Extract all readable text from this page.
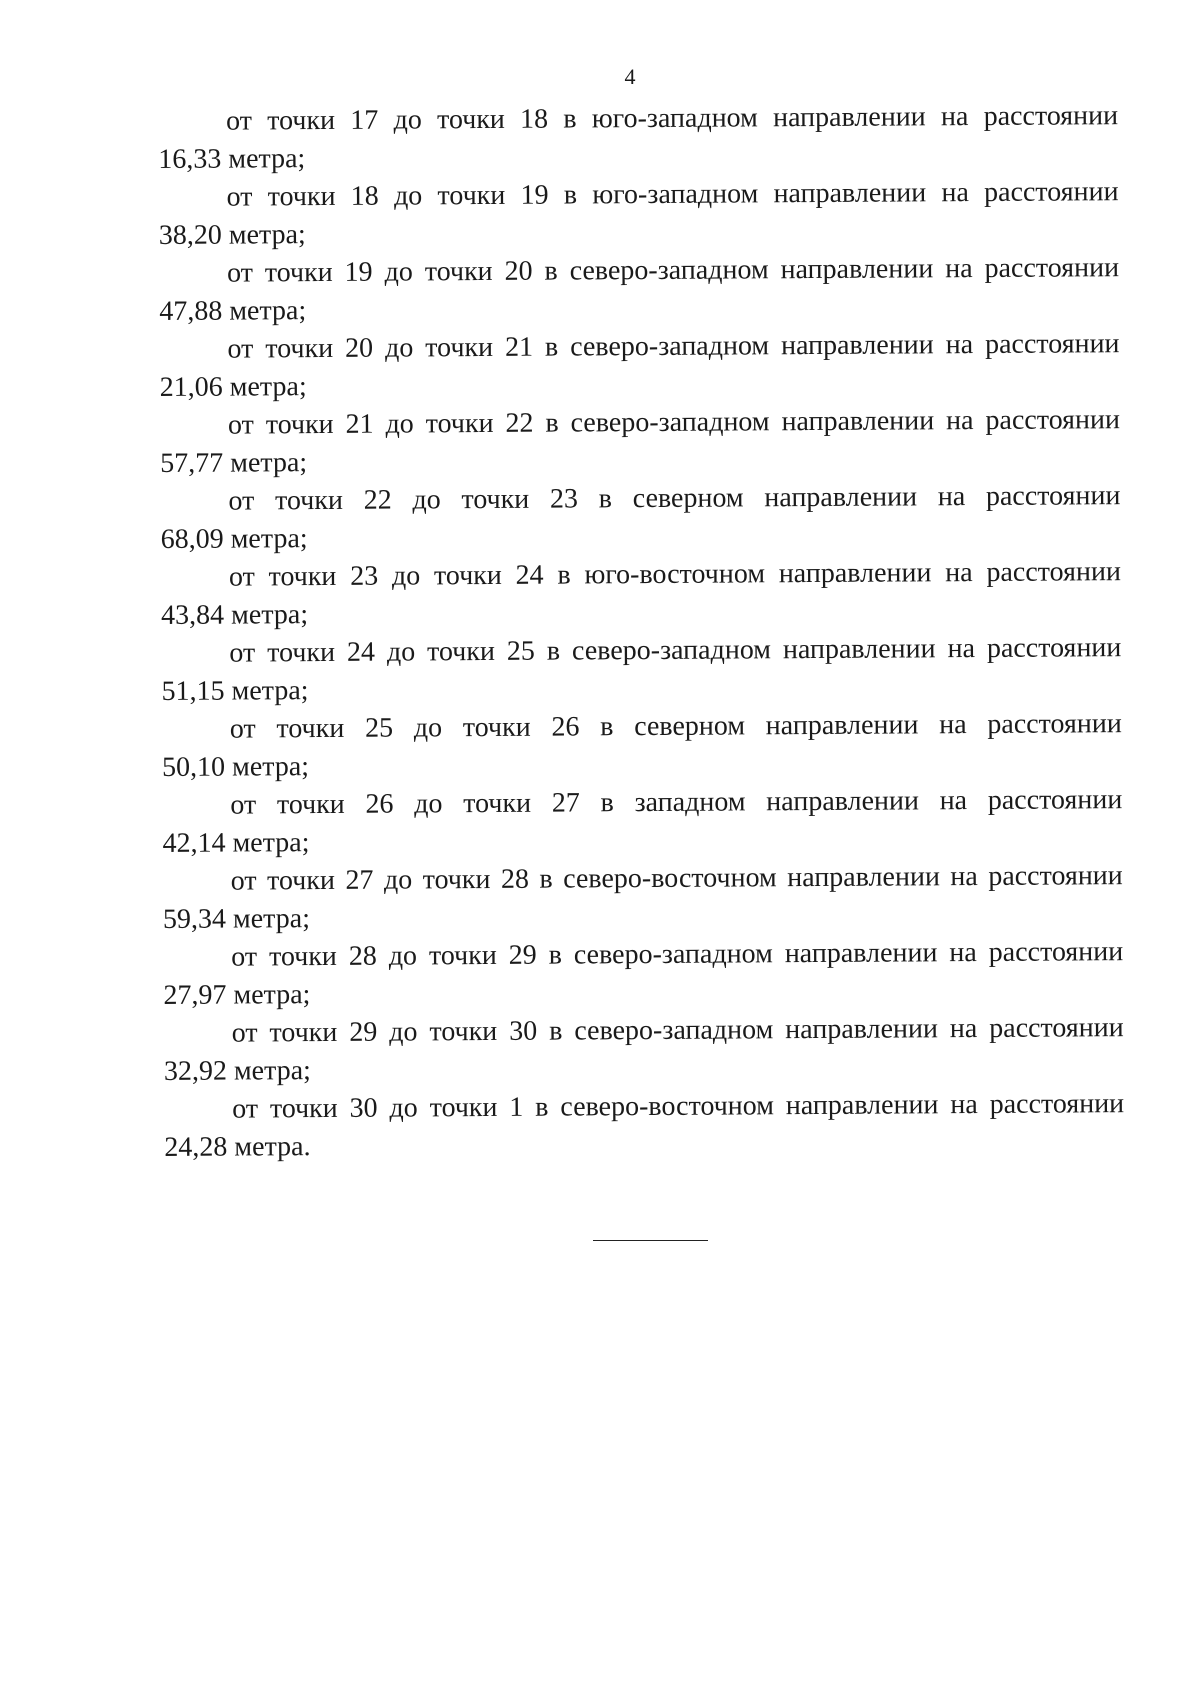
4

от точки 17 до точки 18 в юго-западном направлении на расстоянии
16,33 метра;

от точки 18 до точки 19 в юго-западном направлении на расстоянии
38,20 метра;

от точки 19 до точки 20 в северо-западном направлении на расстоянии
47,88 метра;

от точки 20 до точки 21 в северо-западном направлении на расстоянии
21,06 метра;

от точки 21 до точки 22 в северо-западном направлении на расстоянии
57,77 метра;

от точки 22 до точки 23 в северном направлении на расстоянии
68,09 метра;

от точки 23 до точки 24 в юго-восточном направлении на расстоянии
43,84 метра;

от точки 24 до точки 25 в северо-западном направлении на расстоянии
51,15 метра;

от точки 25 до точки 26 в северном направлении на расстоянии
50,10 метра;

от точки 26 до точки 27 в западном направлении на расстоянии
42,14 метра;

от точки 27 до точки 28 в северо-восточном направлении на расстоянии
59,34 метра;

от точки 28 до точки 29 в северо-западном направлении на расстоянии
27,97 метра;

от точки 29 до точки 30 в северо-западном направлении на расстоянии
32,92 метра;

от точки 30 до точки 1 в северо-восточном направлении на расстоянии
24,28 метра.
